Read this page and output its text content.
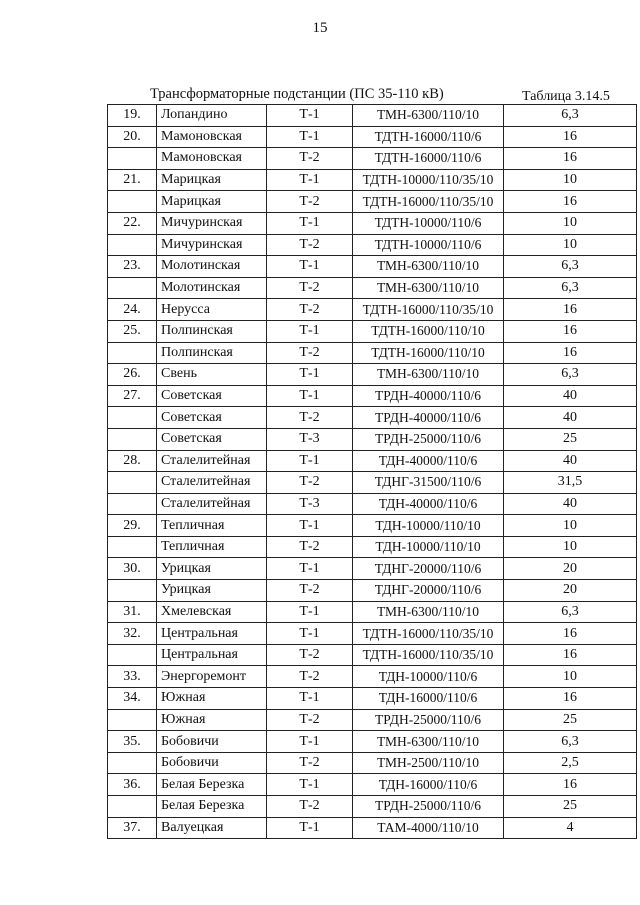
15
Трансформаторные подстанции (ПС 35-110 кВ)	Таблица 3.14.5
19.	Лопандино	Т-1	ТМН-6300/110/10	6,3
20.	Мамоновская	Т-1	ТДТН-16000/110/6	16
	Мамоновская	Т-2	ТДТН-16000/110/6	16
21.	Марицкая	Т-1	ТДТН-10000/110/35/10	10
	Марицкая	Т-2	ТДТН-16000/110/35/10	16
22.	Мичуринская	Т-1	ТДТН-10000/110/6	10
	Мичуринская	Т-2	ТДТН-10000/110/6	10
23.	Молотинская	Т-1	ТМН-6300/110/10	6,3
	Молотинская	Т-2	ТМН-6300/110/10	6,3
24.	Нерусса	Т-2	ТДТН-16000/110/35/10	16
25.	Полпинская	Т-1	ТДТН-16000/110/10	16
	Полпинская	Т-2	ТДТН-16000/110/10	16
26.	Свень	Т-1	ТМН-6300/110/10	6,3
27.	Советская	Т-1	ТРДН-40000/110/6	40
	Советская	Т-2	ТРДН-40000/110/6	40
	Советская	Т-3	ТРДН-25000/110/6	25
28.	Сталелитейная	Т-1	ТДН-40000/110/6	40
	Сталелитейная	Т-2	ТДНГ-31500/110/6	31,5
	Сталелитейная	Т-3	ТДН-40000/110/6	40
29.	Тепличная	Т-1	ТДН-10000/110/10	10
	Тепличная	Т-2	ТДН-10000/110/10	10
30.	Урицкая	Т-1	ТДНГ-20000/110/6	20
	Урицкая	Т-2	ТДНГ-20000/110/6	20
31.	Хмелевская	Т-1	ТМН-6300/110/10	6,3
32.	Центральная	Т-1	ТДТН-16000/110/35/10	16
	Центральная	Т-2	ТДТН-16000/110/35/10	16
33.	Энергоремонт	Т-2	ТДН-10000/110/6	10
34.	Южная	Т-1	ТДН-16000/110/6	16
	Южная	Т-2	ТРДН-25000/110/6	25
35.	Бобовичи	Т-1	ТМН-6300/110/10	6,3
	Бобовичи	Т-2	ТМН-2500/110/10	2,5
36.	Белая Березка	Т-1	ТДН-16000/110/6	16
	Белая Березка	Т-2	ТРДН-25000/110/6	25
37.	Валуецкая	Т-1	ТАМ-4000/110/10	4
